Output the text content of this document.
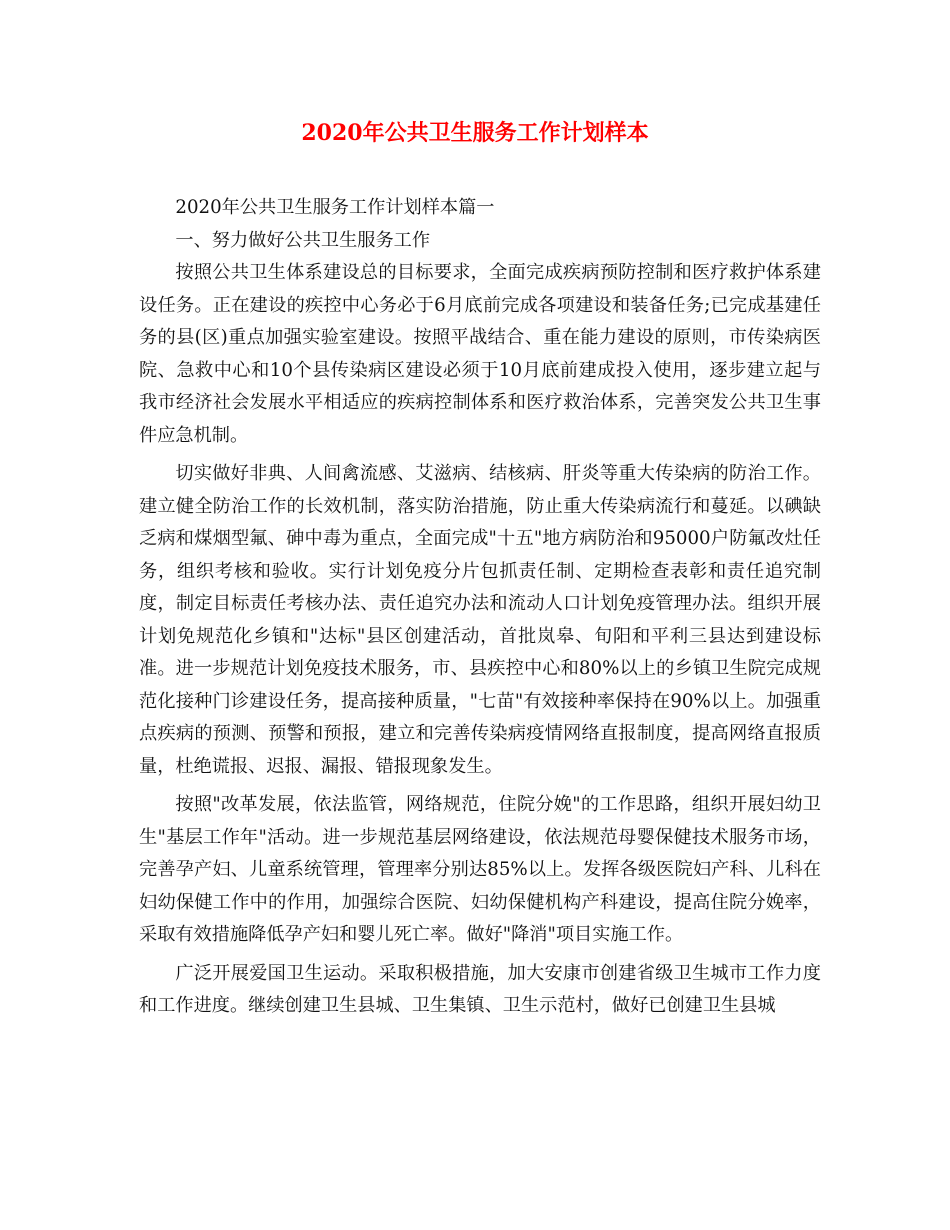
2020年公共卫生服务工作计划样本

2020年公共卫生服务工作计划样本篇一

一、努力做好公共卫生服务工作

按照公共卫生体系建设总的目标要求，全面完成疾病预防控制和医疗救护体系建设任务。正在建设的疾控中心务必于6月底前完成各项建设和装备任务;已完成基建任务的县(区)重点加强实验室建设。按照平战结合、重在能力建设的原则，市传染病医院、急救中心和10个县传染病区建设必须于10月底前建成投入使用，逐步建立起与我市经济社会发展水平相适应的疾病控制体系和医疗救治体系，完善突发公共卫生事件应急机制。

切实做好非典、人间禽流感、艾滋病、结核病、肝炎等重大传染病的防治工作。建立健全防治工作的长效机制，落实防治措施，防止重大传染病流行和蔓延。以碘缺乏病和煤烟型氟、砷中毒为重点，全面完成"十五"地方病防治和95000户防氟改灶任务，组织考核和验收。实行计划免疫分片包抓责任制、定期检查表彰和责任追究制度，制定目标责任考核办法、责任追究办法和流动人口计划免疫管理办法。组织开展计划免规范化乡镇和"达标"县区创建活动，首批岚皋、旬阳和平利三县达到建设标准。进一步规范计划免疫技术服务，市、县疾控中心和80%以上的乡镇卫生院完成规范化接种门诊建设任务，提高接种质量，"七苗"有效接种率保持在90%以上。加强重点疾病的预测、预警和预报，建立和完善传染病疫情网络直报制度，提高网络直报质量，杜绝谎报、迟报、漏报、错报现象发生。

按照"改革发展，依法监管，网络规范，住院分娩"的工作思路，组织开展妇幼卫生"基层工作年"活动。进一步规范基层网络建设，依法规范母婴保健技术服务市场，完善孕产妇、儿童系统管理，管理率分别达85%以上。发挥各级医院妇产科、儿科在妇幼保健工作中的作用，加强综合医院、妇幼保健机构产科建设，提高住院分娩率，采取有效措施降低孕产妇和婴儿死亡率。做好"降消"项目实施工作。

广泛开展爱国卫生运动。采取积极措施，加大安康市创建省级卫生城市工作力度和工作进度。继续创建卫生县城、卫生集镇、卫生示范村，做好已创建卫生县城
